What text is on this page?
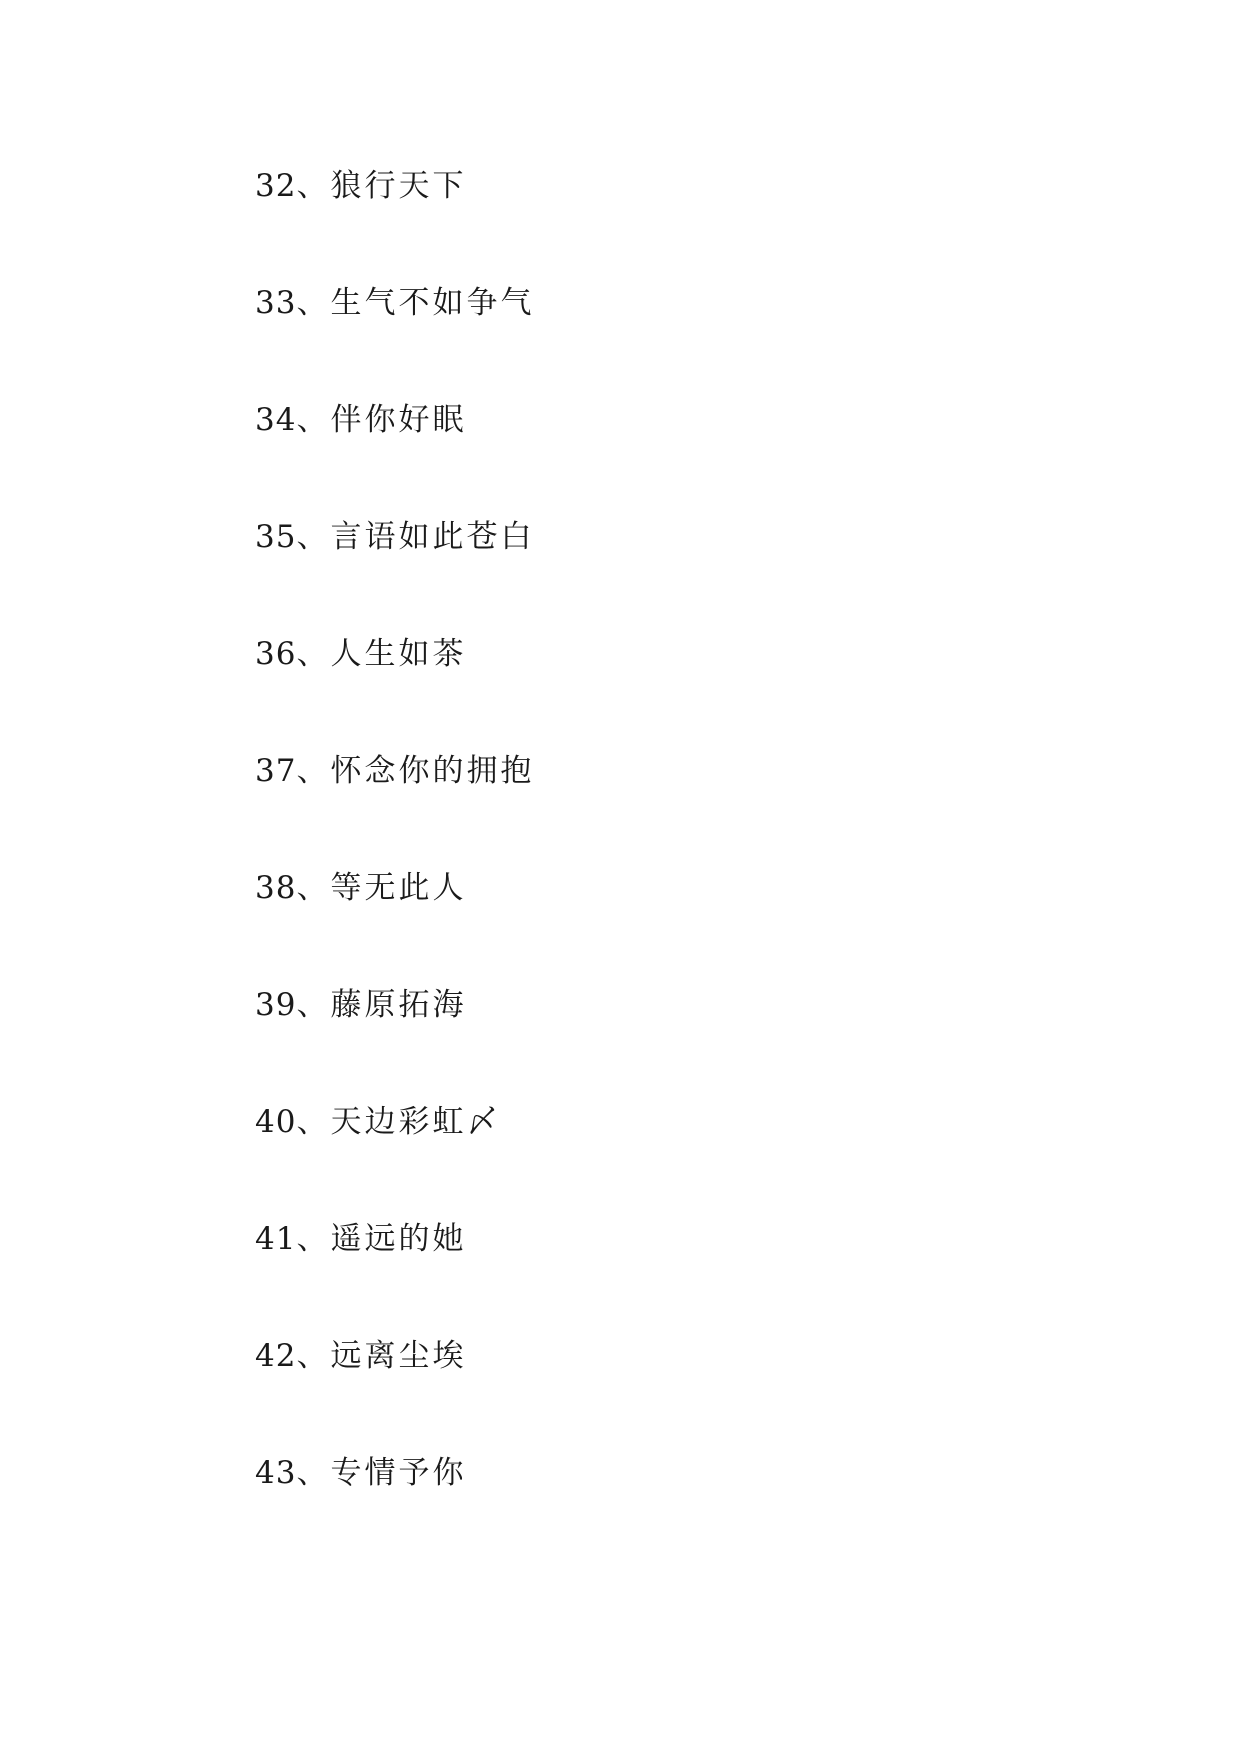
32、狼行天下
33、生气不如争气
34、伴你好眠
35、言语如此苍白
36、人生如茶
37、怀念你的拥抱
38、等无此人
39、藤原拓海
40、天边彩虹〆
41、遥远的她
42、远离尘埃
43、专情予你
